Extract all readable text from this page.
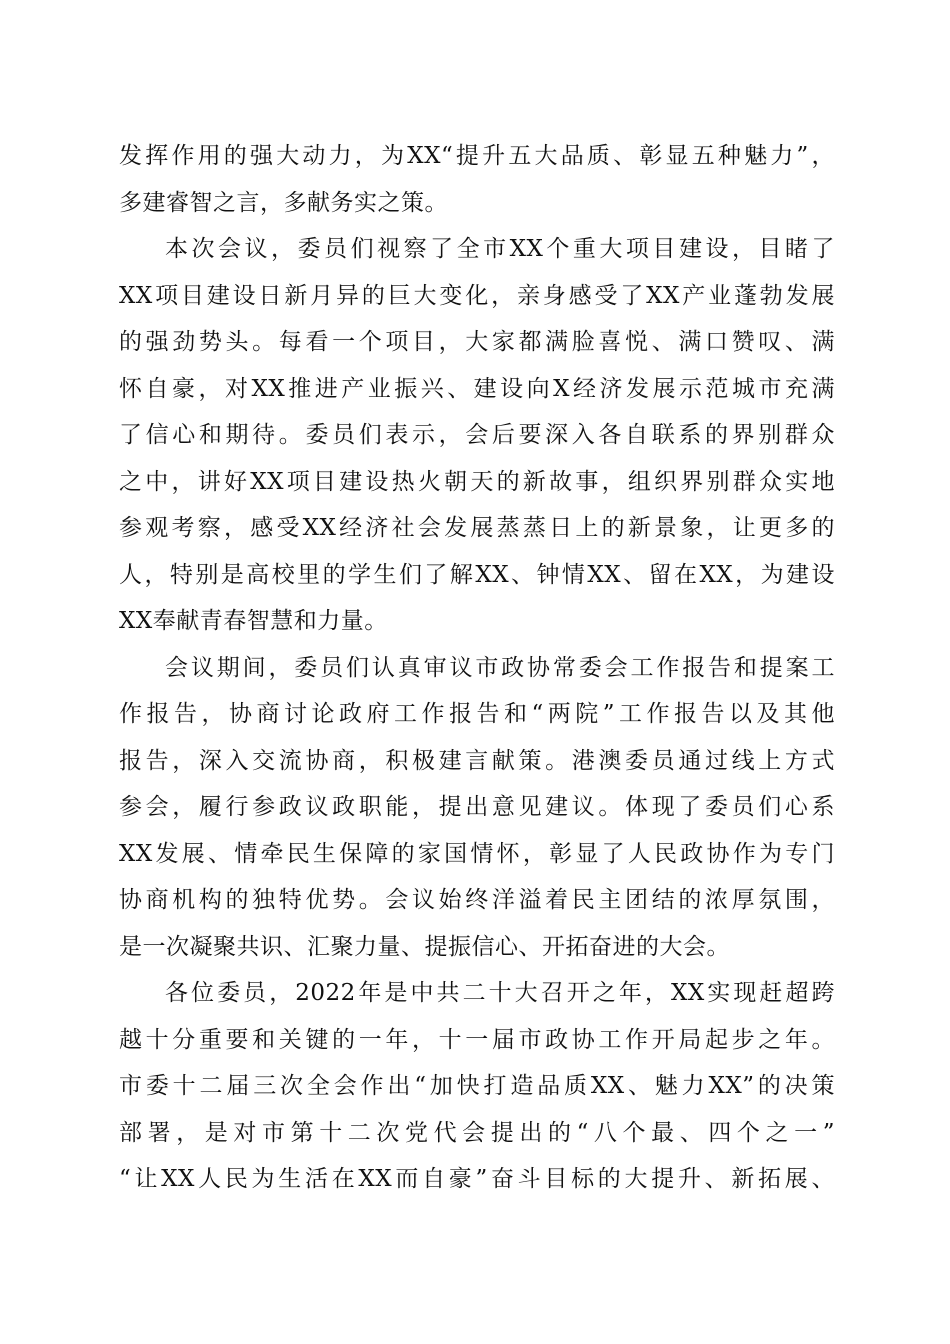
发挥作用的强大动力，为XX“提升五大品质、彰显五种魅力”，
多建睿智之言，多献务实之策。
本次会议，委员们视察了全市XX个重大项目建设，目睹了
XX项目建设日新月异的巨大变化，亲身感受了XX产业蓬勃发展
的强劲势头。每看一个项目，大家都满脸喜悦、满口赞叹、满
怀自豪，对XX推进产业振兴、建设向X经济发展示范城市充满
了信心和期待。委员们表示，会后要深入各自联系的界别群众
之中，讲好XX项目建设热火朝天的新故事，组织界别群众实地
参观考察，感受XX经济社会发展蒸蒸日上的新景象，让更多的
人，特别是高校里的学生们了解XX、钟情XX、留在XX，为建设
XX奉献青春智慧和力量。
会议期间，委员们认真审议市政协常委会工作报告和提案工
作报告，协商讨论政府工作报告和“两院”工作报告以及其他
报告，深入交流协商，积极建言献策。港澳委员通过线上方式
参会，履行参政议政职能，提出意见建议。体现了委员们心系
XX发展、情牵民生保障的家国情怀，彰显了人民政协作为专门
协商机构的独特优势。会议始终洋溢着民主团结的浓厚氛围，
是一次凝聚共识、汇聚力量、提振信心、开拓奋进的大会。
各位委员，2022年是中共二十大召开之年，XX实现赶超跨
越十分重要和关键的一年，十一届市政协工作开局起步之年。
市委十二届三次全会作出“加快打造品质XX、魅力XX”的决策
部署，是对市第十二次党代会提出的“八个最、四个之一”
“让XX人民为生活在XX而自豪”奋斗目标的大提升、新拓展、
